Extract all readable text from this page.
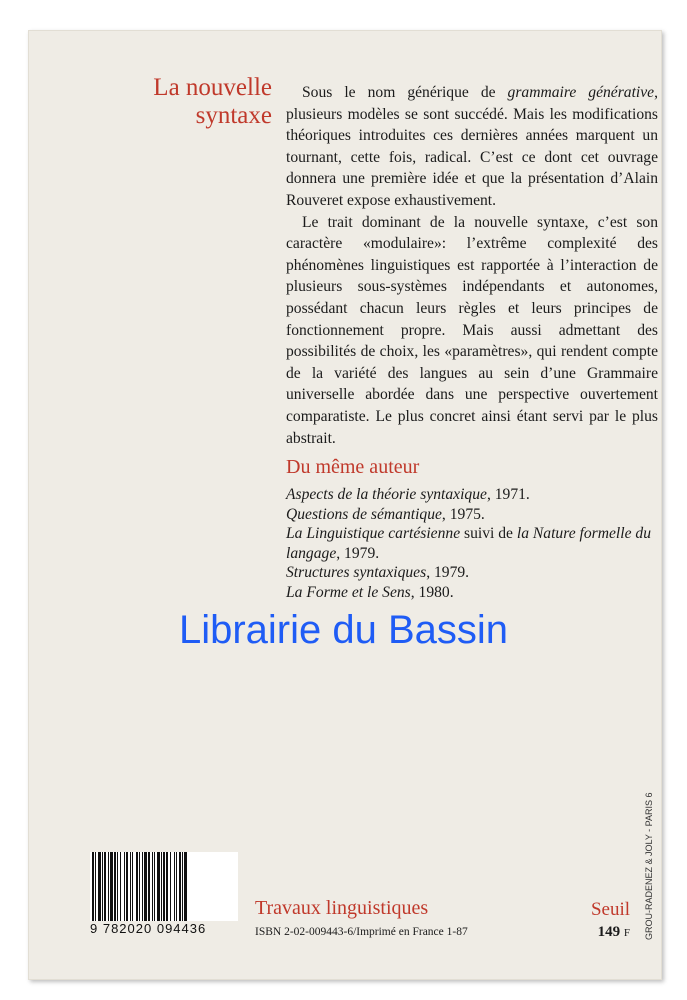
La nouvelle
syntaxe

Sous le nom générique de grammaire générative, plusieurs modèles se sont succédé. Mais les modifications théoriques introduites ces dernières années marquent un tournant, cette fois, radical. C’est ce dont cet ouvrage donnera une première idée et que la présentation d’Alain Rouveret expose exhaustivement.

Le trait dominant de la nouvelle syntaxe, c’est son caractère «modulaire»: l’extrême complexité des phénomènes linguistiques est rapportée à l’interaction de plusieurs sous-systèmes indépendants et autonomes, possédant chacun leurs règles et leurs principes de fonctionnement propre. Mais aussi admettant des possibilités de choix, les «paramètres», qui rendent compte de la variété des langues au sein d’une Grammaire universelle abordée dans une perspective ouvertement comparatiste. Le plus concret ainsi étant servi par le plus abstrait.

Du même auteur
Aspects de la théorie syntaxique, 1971.
Questions de sémantique, 1975.
La Linguistique cartésienne suivi de la Nature formelle du langage, 1979.
Structures syntaxiques, 1979.
La Forme et le Sens, 1980.
Travaux linguistiques
ISBN 2-02-009443-6/Imprimé en France 1-87
Seuil
149 F
Librairie du Bassin
9 782020 094436	GROU-RADENEZ & JOLY - PARIS 6
